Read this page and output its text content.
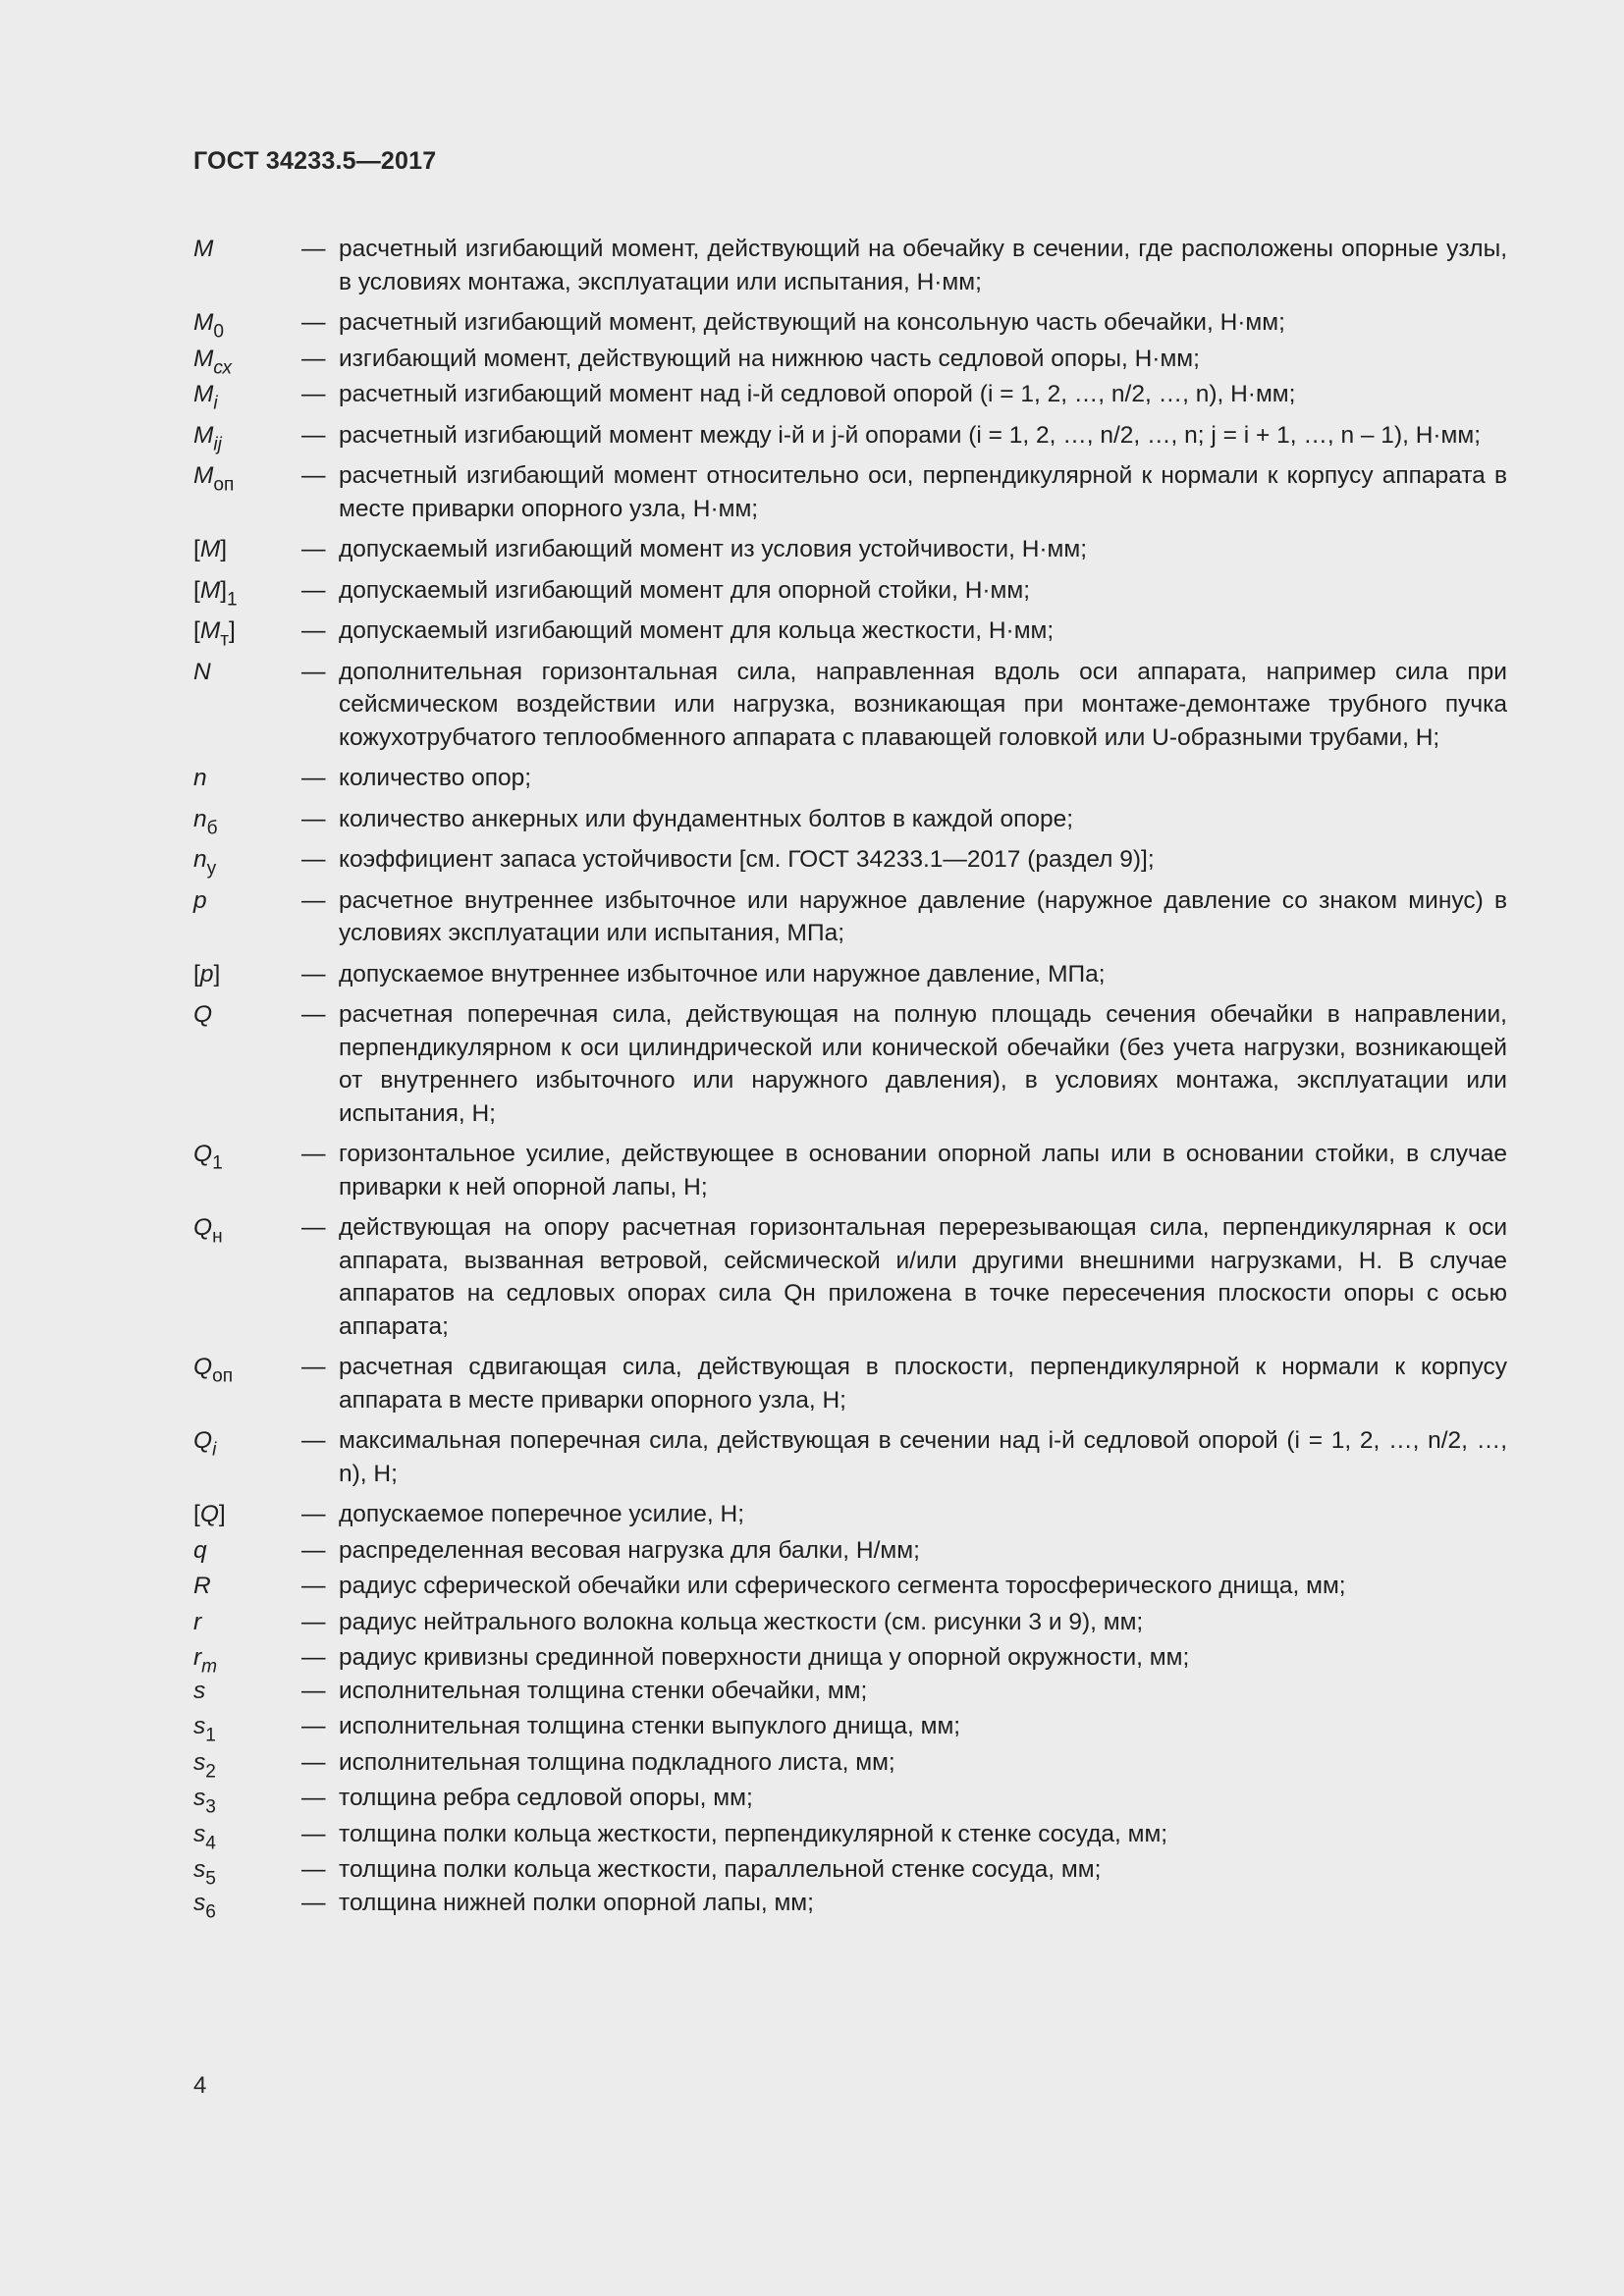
ГОСТ 34233.5—2017
M	— расчетный изгибающий момент, действующий на обечайку в сечении, где расположены опорные узлы, в условиях монтажа, эксплуатации или испытания, Н·мм;
$M_0$	— расчетный изгибающий момент, действующий на консольную часть обечайки, Н·мм;
$M_{сх}$	— изгибающий момент, действующий на нижнюю часть седловой опоры, Н·мм;
$M_i$	— расчетный изгибающий момент над i-й седловой опорой (i = 1, 2, …, n/2, …, n), Н·мм;
$M_{ij}$	— расчетный изгибающий момент между i-й и j-й опорами (i = 1, 2, …, n/2, …, n; j = i + 1, …, n – 1), Н·мм;
$M_{оп}$	— расчетный изгибающий момент относительно оси, перпендикулярной к нормали к корпусу аппарата в месте приварки опорного узла, Н·мм;
[M]	— допускаемый изгибающий момент из условия устойчивости, Н·мм;
$[M]_1$	— допускаемый изгибающий момент для опорной стойки, Н·мм;
$[M_т]$	— допускаемый изгибающий момент для кольца жесткости, Н·мм;
N	— дополнительная горизонтальная сила, направленная вдоль оси аппарата, например сила при сейсмическом воздействии или нагрузка, возникающая при монтаже-демонтаже трубного пучка кожухотрубчатого теплообменного аппарата с плавающей головкой или U-образными трубами, Н;
n	— количество опор;
$n_б$	— количество анкерных или фундаментных болтов в каждой опоре;
$n_у$	— коэффициент запаса устойчивости [см. ГОСТ 34233.1—2017 (раздел 9)];
p	— расчетное внутреннее избыточное или наружное давление (наружное давление со знаком минус) в условиях эксплуатации или испытания, МПа;
[p]	— допускаемое внутреннее избыточное или наружное давление, МПа;
Q	— расчетная поперечная сила, действующая на полную площадь сечения обечайки в направлении, перпендикулярном к оси цилиндрической или конической обечайки (без учета нагрузки, возникающей от внутреннего избыточного или наружного давления), в условиях монтажа, эксплуатации или испытания, Н;
$Q_1$	— горизонтальное усилие, действующее в основании опорной лапы или в основании стойки, в случае приварки к ней опорной лапы, Н;
$Q_н$	— действующая на опору расчетная горизонтальная перерезывающая сила, перпендикулярная к оси аппарата, вызванная ветровой, сейсмической и/или другими внешними нагрузками, Н. В случае аппаратов на седловых опорах сила Qн приложена в точке пересечения плоскости опоры с осью аппарата;
$Q_{оп}$	— расчетная сдвигающая сила, действующая в плоскости, перпендикулярной к нормали к корпусу аппарата в месте приварки опорного узла, Н;
$Q_i$	— максимальная поперечная сила, действующая в сечении над i-й седловой опорой (i = 1, 2, …, n/2, …, n), Н;
[Q]	— допускаемое поперечное усилие, Н;
q	— распределенная весовая нагрузка для балки, Н/мм;
R	— радиус сферической обечайки или сферического сегмента торосферического днища, мм;
r	— радиус нейтрального волокна кольца жесткости (см. рисунки 3 и 9), мм;
$r_m$	— радиус кривизны срединной поверхности днища у опорной окружности, мм;
s	— исполнительная толщина стенки обечайки, мм;
$s_1$	— исполнительная толщина стенки выпуклого днища, мм;
$s_2$	— исполнительная толщина подкладного листа, мм;
$s_3$	— толщина ребра седловой опоры, мм;
$s_4$	— толщина полки кольца жесткости, перпендикулярной к стенке сосуда, мм;
$s_5$	— толщина полки кольца жесткости, параллельной стенке сосуда, мм;
$s_6$	— толщина нижней полки опорной лапы, мм;
4
